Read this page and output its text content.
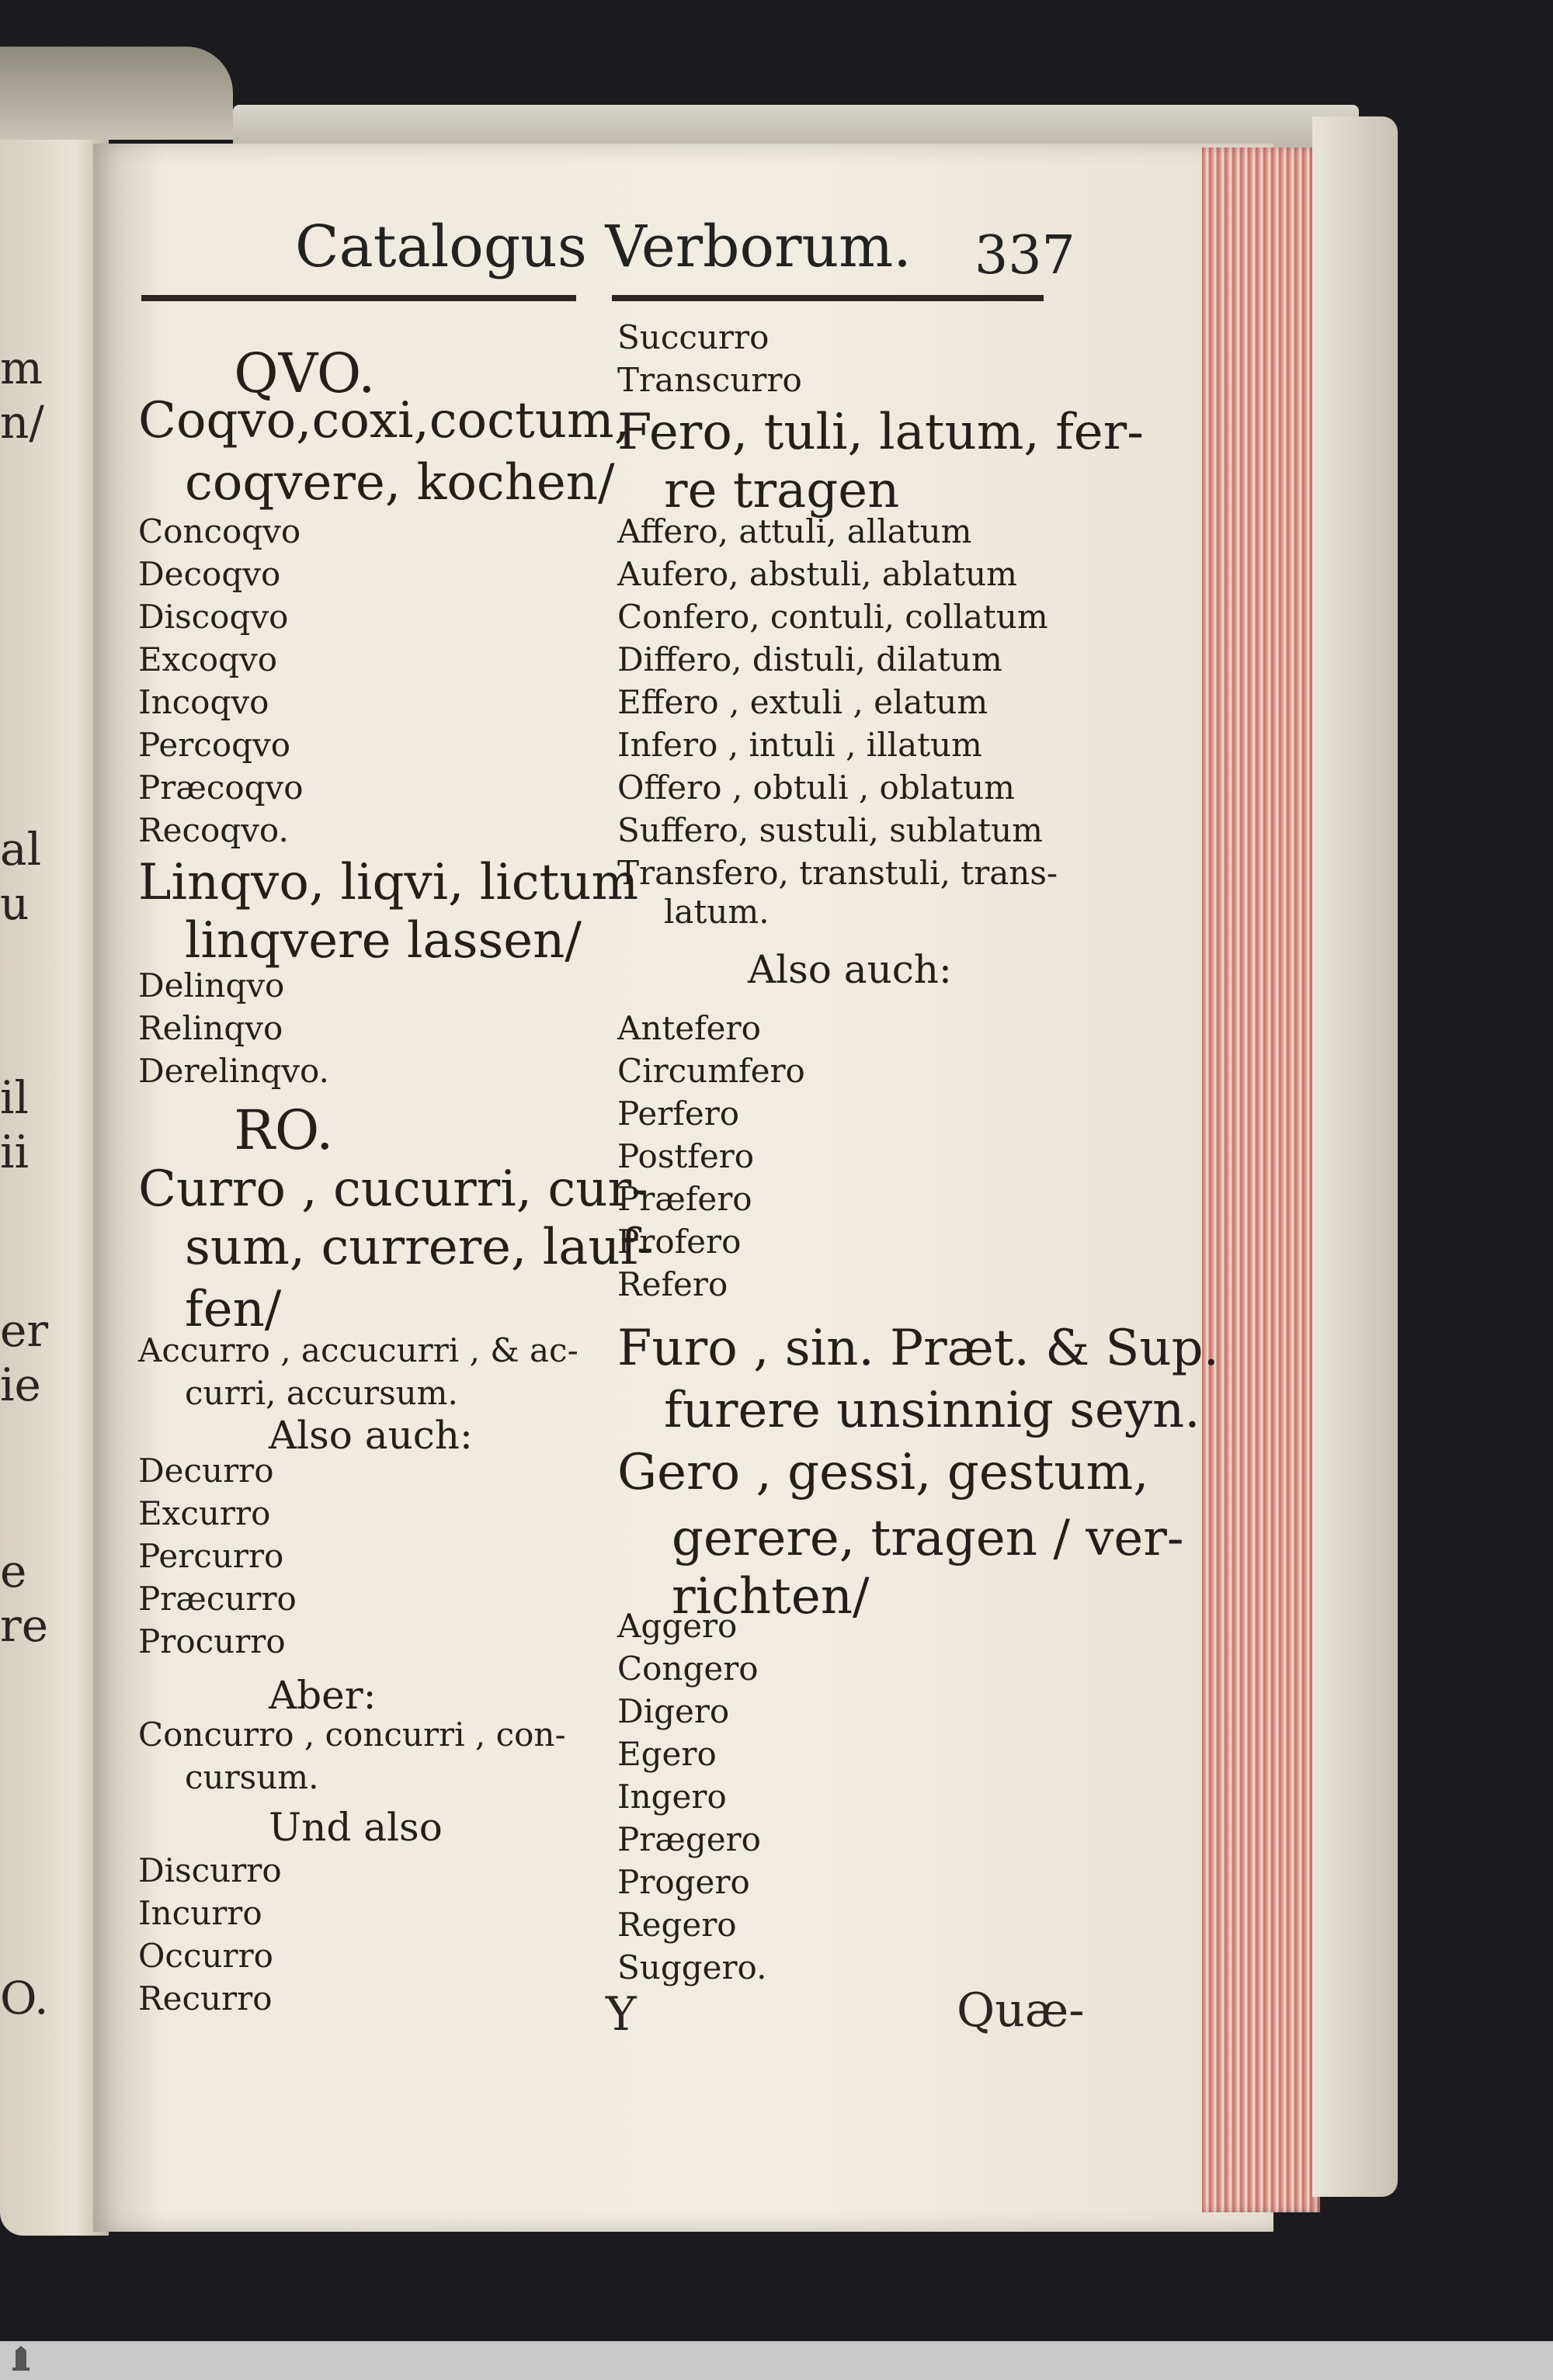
m
n/
al
u
il
ii
er
ie
e
re
O.
Catalogus Verborum. 337
QVO.
Coqvo,coxi,coctum,
coqvere, kochen/
Concoqvo
Decoqvo
Discoqvo
Excoqvo
Incoqvo
Percoqvo
Præcoqvo
Recoqvo.
Linqvo, liqvi, lictum
linqvere lassen/
Delinqvo
Relinqvo
Derelinqvo.
RO.
Curro , cucurri, cur-
sum, currere, lauf-
fen/
Accurro , accucurri , & ac-
curri, accursum.
Also auch:
Decurro
Excurro
Percurro
Præcurro
Procurro
Aber:
Concurro , concurri , con-
cursum.
Und also
Discurro
Incurro
Occurro
Recurro
Succurro
Transcurro
Fero, tuli, latum, fer-
re tragen
Affero, attuli, allatum
Aufero, abstuli, ablatum
Confero, contuli, collatum
Differo, distuli, dilatum
Effero , extuli , elatum
Infero , intuli , illatum
Offero , obtuli , oblatum
Suffero, sustuli, sublatum
Transfero, transtuli, trans-
latum.
Also auch:
Antefero
Circumfero
Perfero
Postfero
Præfero
Profero
Refero
Furo , sin. Præt. & Sup.
furere unsinnig seyn.
Gero , gessi, gestum,
gerere, tragen / ver-
richten/
Aggero
Congero
Digero
Egero
Ingero
Prægero
Progero
Regero
Suggero.
Y	Quæ-
